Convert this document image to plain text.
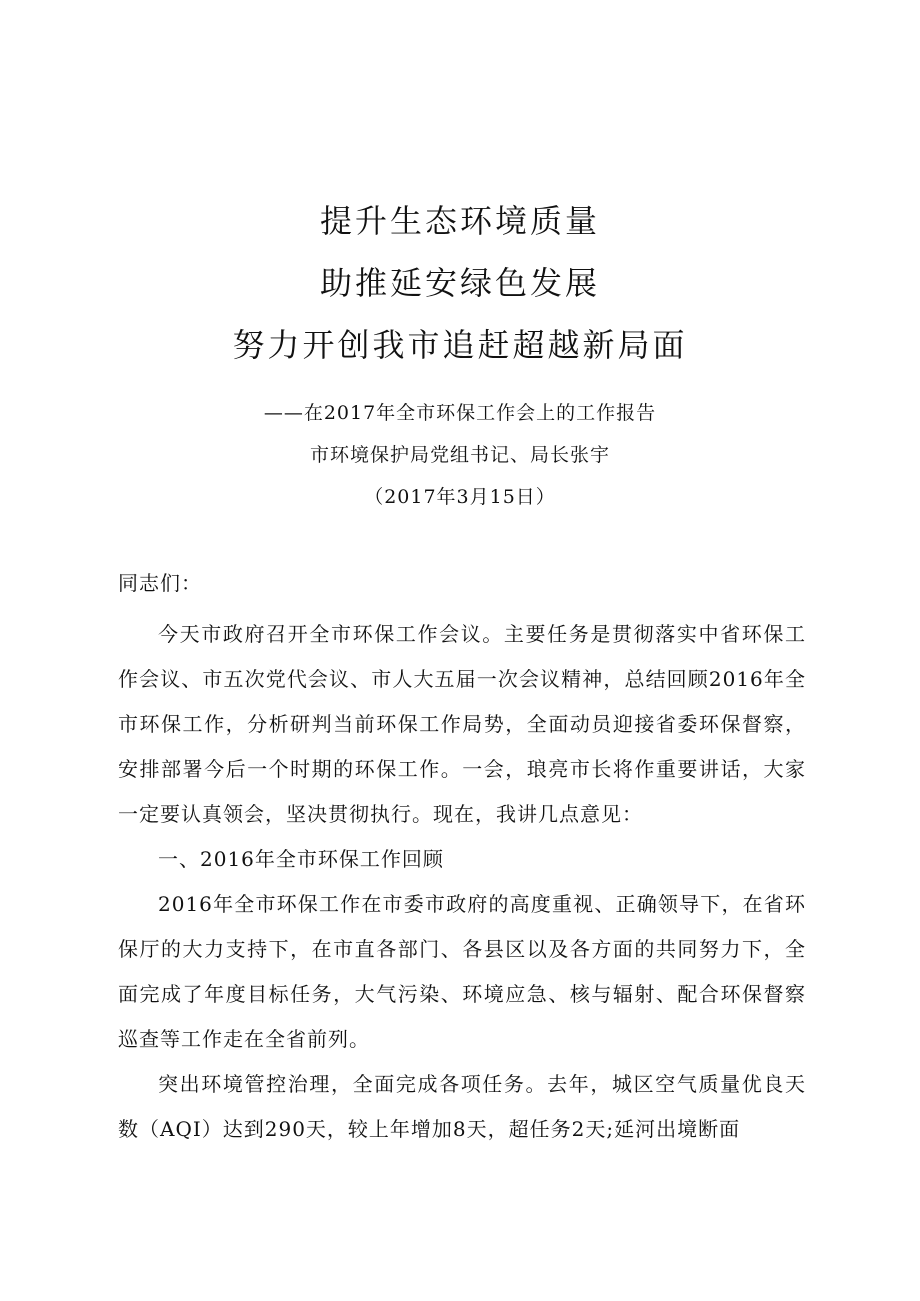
提升生态环境质量

助推延安绿色发展

努力开创我市追赶超越新局面

——在2017年全市环保工作会上的工作报告

市环境保护局党组书记、局长张宇

（2017年3月15日）

同志们：

今天市政府召开全市环保工作会议。主要任务是贯彻落实中省环保工作会议、市五次党代会议、市人大五届一次会议精神，总结回顾2016年全市环保工作，分析研判当前环保工作局势，全面动员迎接省委环保督察，安排部署今后一个时期的环保工作。一会，琅亮市长将作重要讲话，大家一定要认真领会，坚决贯彻执行。现在，我讲几点意见：

一、2016年全市环保工作回顾

2016年全市环保工作在市委市政府的高度重视、正确领导下，在省环保厅的大力支持下，在市直各部门、各县区以及各方面的共同努力下，全面完成了年度目标任务，大气污染、环境应急、核与辐射、配合环保督察巡查等工作走在全省前列。

突出环境管控治理，全面完成各项任务。去年，城区空气质量优良天数（AQI）达到290天，较上年增加8天，超任务2天;延河出境断面
